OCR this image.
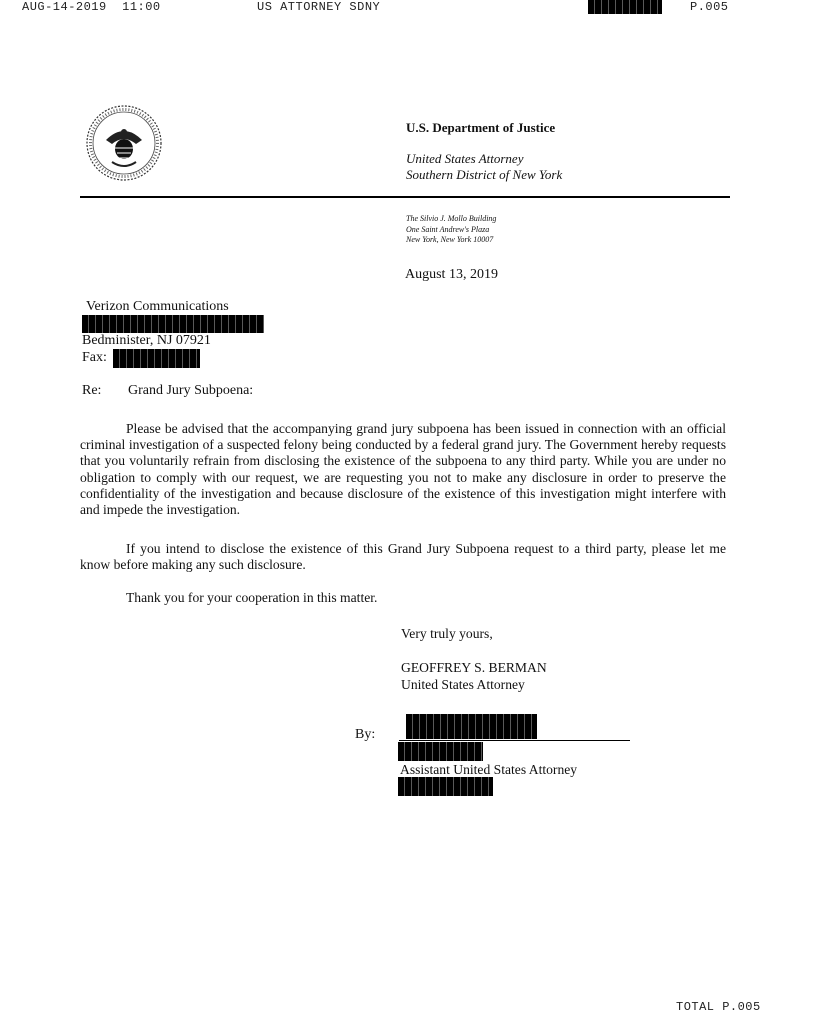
AUG-14-2019  11:00	US ATTORNEY SDNY	P.005
U.S. Department of Justice
United States Attorney
Southern District of New York
The Silvio J. Mollo Building
One Saint Andrew's Plaza
New York, New York 10007
August 13, 2019
Verizon Communications
Bedminister, NJ 07921
Fax:
Re: Grand Jury Subpoena:
Please be advised that the accompanying grand jury subpoena has been issued in connection with an official criminal investigation of a suspected felony being conducted by a federal grand jury. The Government hereby requests that you voluntarily refrain from disclosing the existence of the subpoena to any third party. While you are under no obligation to comply with our request, we are requesting you not to make any disclosure in order to preserve the confidentiality of the investigation and because disclosure of the existence of this investigation might interfere with and impede the investigation.
If you intend to disclose the existence of this Grand Jury Subpoena request to a third party, please let me know before making any such disclosure.
Thank you for your cooperation in this matter.
Very truly yours,
GEOFFREY S. BERMAN
United States Attorney
By:
Assistant United States Attorney
TOTAL P.005
